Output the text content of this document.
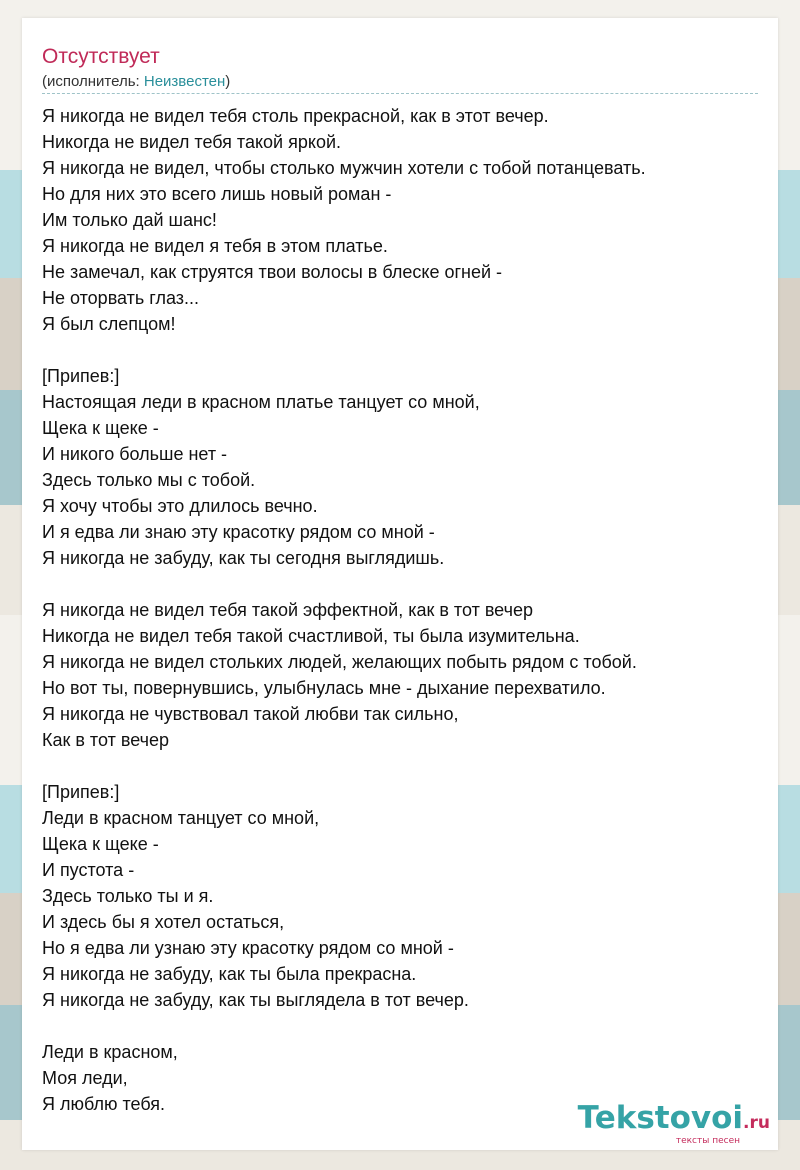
Отсутствует
(исполнитель: Неизвестен)
Я никогда не видел тебя столь прекрасной, как в этот вечер.
Никогда не видел тебя такой яркой.
Я никогда не видел, чтобы столько мужчин хотели с тобой потанцевать.
Но для них это всего лишь новый роман -
Им только дай шанс!
Я никогда не видел я тебя в этом платье.
Не замечал, как струятся твои волосы в блеске огней -
Не оторвать глаз...
Я был слепцом!
[Припев:]
Настоящая леди в красном платье танцует со мной,
Щека к щеке -
И никого больше нет -
Здесь только мы с тобой.
Я хочу чтобы это длилось вечно.
И я едва ли знаю эту красотку рядом со мной -
Я никогда не забуду, как ты сегодня выглядишь.
Я никогда не видел тебя такой эффектной, как в тот вечер
Никогда не видел тебя такой счастливой, ты была изумительна.
Я никогда не видел стольких людей, желающих побыть рядом с тобой.
Но вот ты, повернувшись, улыбнулась мне - дыхание перехватило.
Я никогда не чувствовал такой любви так сильно,
Как в тот вечер
[Припев:]
Леди в красном танцует со мной,
Щека к щеке -
И пустота -
Здесь только ты и я.
И здесь бы я хотел остаться,
Но я едва ли узнаю эту красотку рядом со мной -
Я никогда не забуду, как ты была прекрасна.
Я никогда не забуду, как ты выглядела в тот вечер.
Леди в красном,
Моя леди,
Я люблю тебя.	Tekstovoi.ru
тексты песен
